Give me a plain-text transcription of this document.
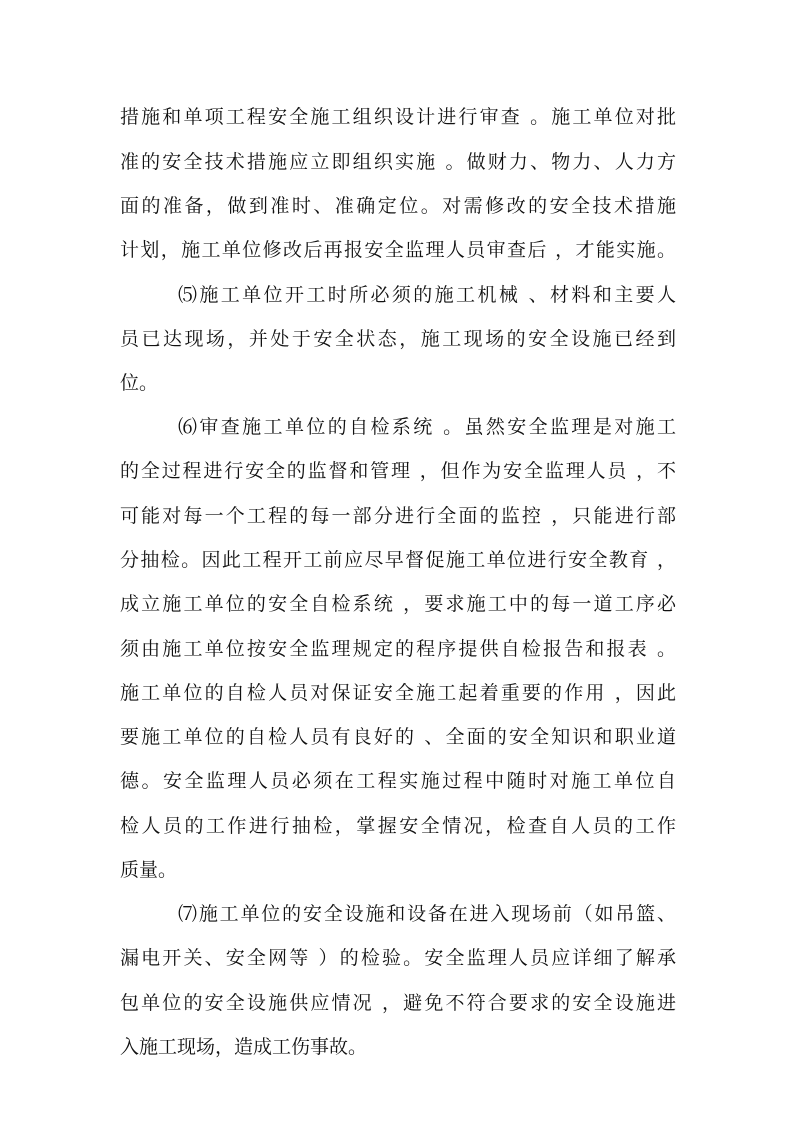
措施和单项工程安全施工组织设计进行审查 。施工单位对批
准的安全技术措施应立即组织实施 。做财力、物力、人力方
面的准备，做到准时、准确定位。对需修改的安全技术措施
计划，施工单位修改后再报安全监理人员审查后 ，才能实施。
⑸施工单位开工时所必须的施工机械 、材料和主要人
员已达现场，并处于安全状态，施工现场的安全设施已经到
位。
⑹审查施工单位的自检系统 。虽然安全监理是对施工
的全过程进行安全的监督和管理 ，但作为安全监理人员 ，不
可能对每一个工程的每一部分进行全面的监控 ，只能进行部
分抽检。因此工程开工前应尽早督促施工单位进行安全教育 ，
成立施工单位的安全自检系统 ，要求施工中的每一道工序必
须由施工单位按安全监理规定的程序提供自检报告和报表 。
施工单位的自检人员对保证安全施工起着重要的作用 ，因此
要施工单位的自检人员有良好的 、全面的安全知识和职业道
德。安全监理人员必须在工程实施过程中随时对施工单位自
检人员的工作进行抽检，掌握安全情况，检查自人员的工作
质量。
⑺施工单位的安全设施和设备在进入现场前（如吊篮、
漏电开关、安全网等 ）的检验。安全监理人员应详细了解承
包单位的安全设施供应情况 ，避免不符合要求的安全设施进
入施工现场，造成工伤事故。
